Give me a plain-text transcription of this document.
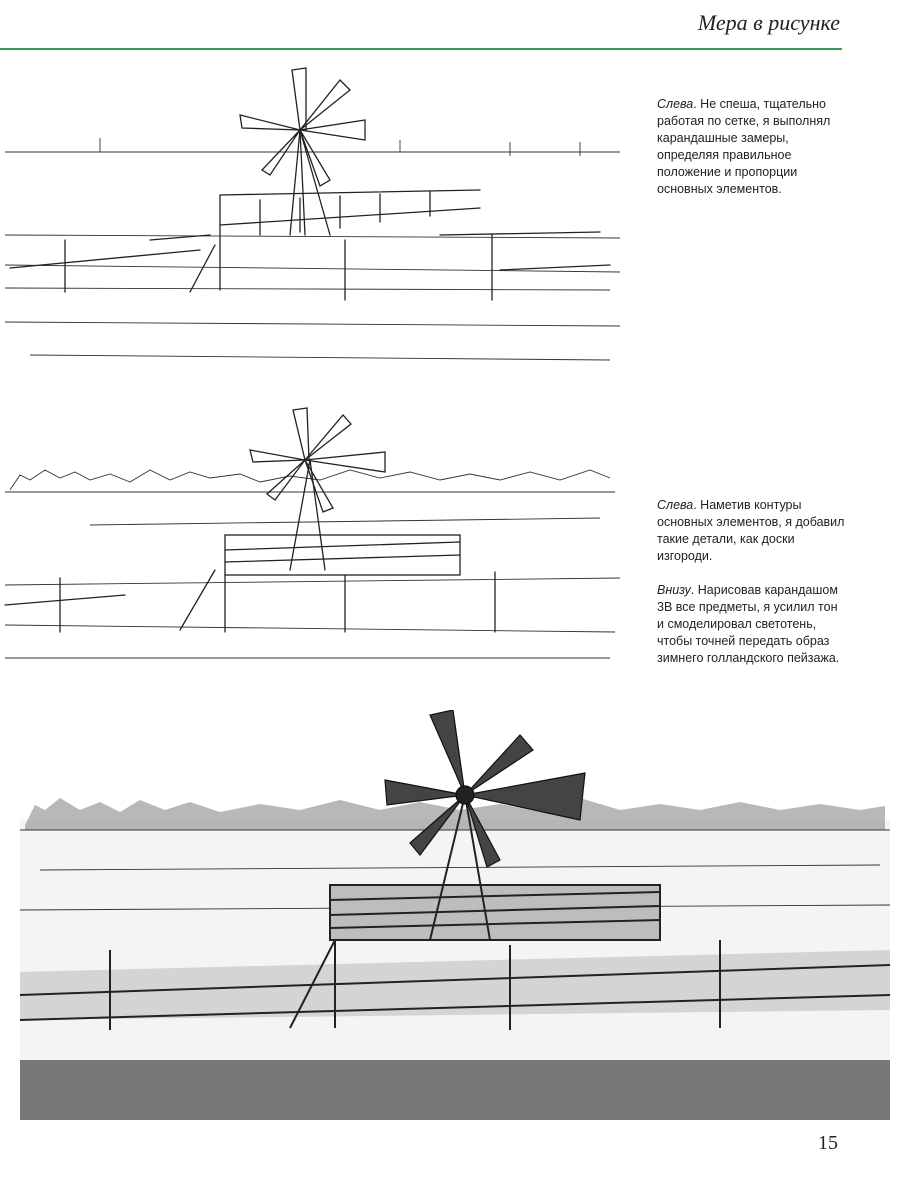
Мера в рисунке

Слева. Не спеша, тщательно работая по сетке, я выполнял карандашные замеры, определяя правильное положение и пропорции основных элементов.

Слева. Наметив контуры основных элементов, я добавил такие детали, как доски изгороди.

Внизу. Нарисовав карандашом 3B все предметы, я усилил тон и смоделировал светотень, чтобы точней передать образ зимнего голландского пейзажа.

15
